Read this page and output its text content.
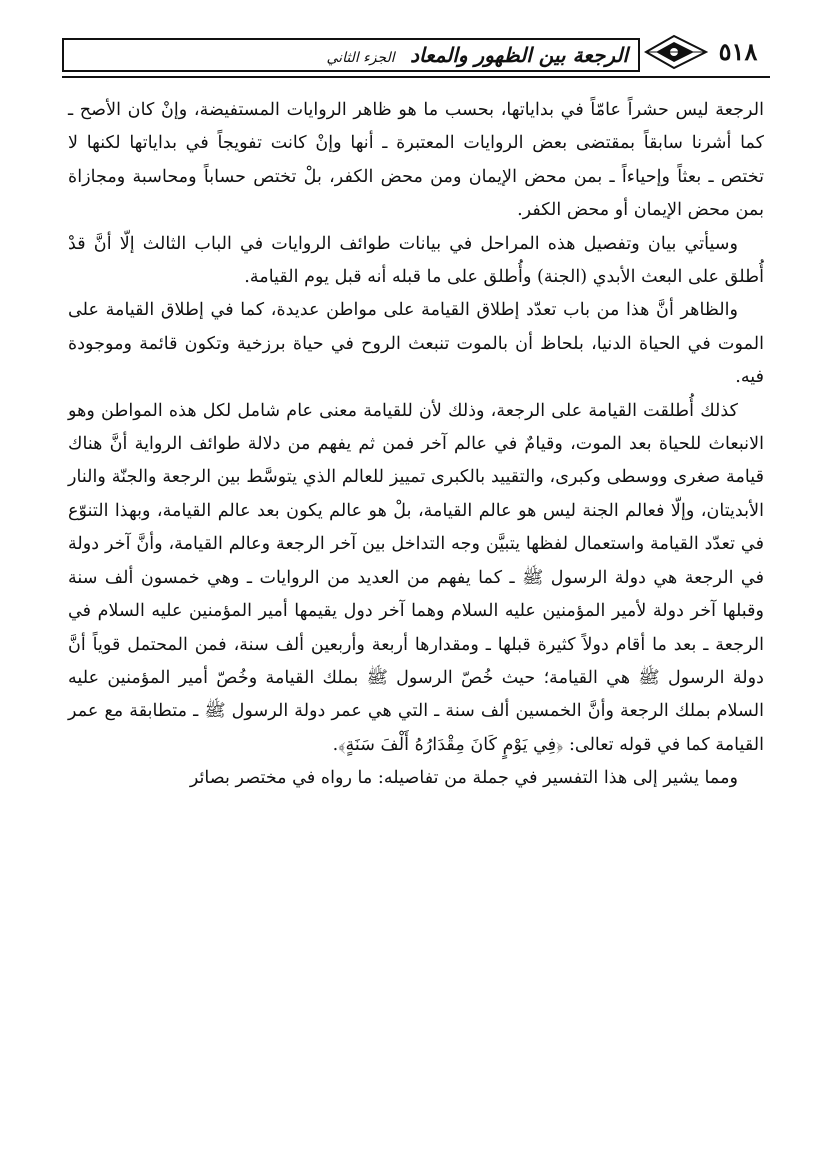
٥١٨
الرجعة بين الظهور والمعاد الجزء الثاني

الرجعة ليس حشراً عامّاً في بداياتها، بحسب ما هو ظاهر الروايات المستفيضة، وإنْ كان الأصح ـ كما أشرنا سابقاً بمقتضى بعض الروايات المعتبرة ـ أنها وإنْ كانت تفويجاً في بداياتها لكنها لا تختص ـ بعثاً وإحياءاً ـ بمن محض الإيمان ومن محض الكفر، بلْ تختص حساباً ومحاسبة ومجازاة بمن محض الإيمان أو محض الكفر.

وسيأتي بيان وتفصيل هذه المراحل في بيانات طوائف الروايات في الباب الثالث إلّا أنَّ قدْ أُطلق على البعث الأبدي (الجنة) وأُطلق على ما قبله أنه قبل يوم القيامة.

والظاهر أنَّ هذا من باب تعدّد إطلاق القيامة على مواطن عديدة، كما في إطلاق القيامة على الموت في الحياة الدنيا، بلحاظ أن بالموت تنبعث الروح في حياة برزخية وتكون قائمة وموجودة فيه.

كذلك أُطلقت القيامة على الرجعة، وذلك لأن للقيامة معنى عام شامل لكل هذه المواطن وهو الانبعاث للحياة بعد الموت، وقيامٌ في عالم آخر فمن ثم يفهم من دلالة طوائف الرواية أنَّ هناك قيامة صغرى ووسطى وكبرى، والتقييد بالكبرى تمييز للعالم الذي يتوسَّط بين الرجعة والجنّة والنار الأبديتان، وإلّا فعالم الجنة ليس هو عالم القيامة، بلْ هو عالم يكون بعد عالم القيامة، وبهذا التنوّع في تعدّد القيامة واستعمال لفظها يتبيَّن وجه التداخل بين آخر الرجعة وعالم القيامة، وأنَّ آخر دولة في الرجعة هي دولة الرسول ﷺ ـ كما يفهم من العديد من الروايات ـ وهي خمسون ألف سنة وقبلها آخر دولة لأمير المؤمنين عليه السلام وهما آخر دول يقيمها أمير المؤمنين عليه السلام في الرجعة ـ بعد ما أقام دولاً كثيرة قبلها ـ ومقدارها أربعة وأربعين ألف سنة، فمن المحتمل قوياً أنَّ دولة الرسول ﷺ هي القيامة؛ حيث خُصّ الرسول ﷺ بملك القيامة وخُصّ أمير المؤمنين عليه السلام بملك الرجعة وأنَّ الخمسين ألف سنة ـ التي هي عمر دولة الرسول ﷺ ـ متطابقة مع عمر القيامة كما في قوله تعالى: ﴿فِي يَوْمٍ كَانَ مِقْدَارُهُ أَلْفَ سَنَةٍ﴾.

ومما يشير إلى هذا التفسير في جملة من تفاصيله: ما رواه في مختصر بصائر
